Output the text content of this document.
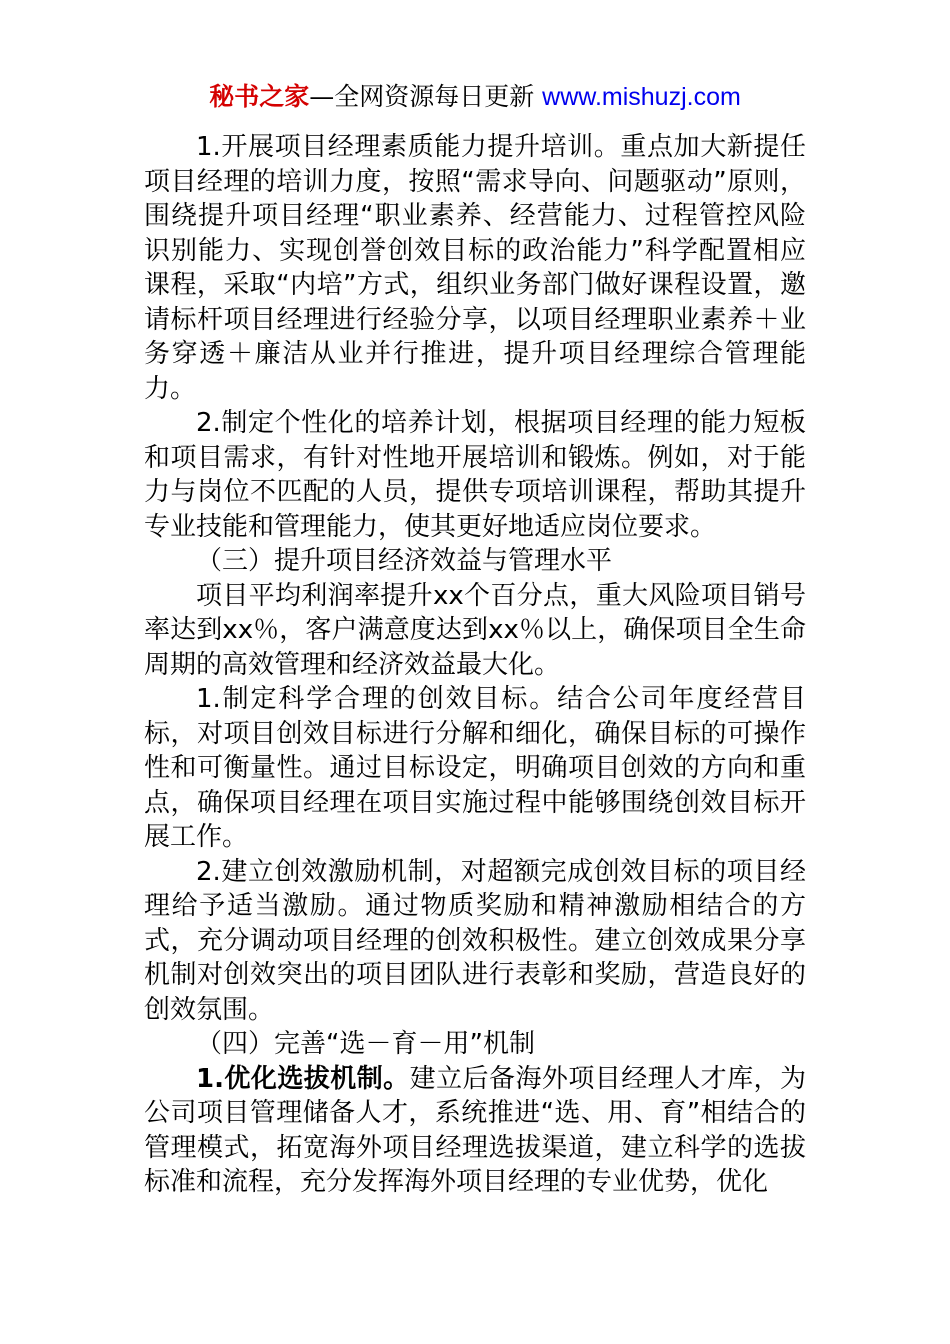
秘书之家—全网资源每日更新 www.mishuzj.com

1.开展项目经理素质能力提升培训。重点加大新提任项目经理的培训力度，按照“需求导向、问题驱动”原则，围绕提升项目经理“职业素养、经营能力、过程管控风险识别能力、实现创誉创效目标的政治能力”科学配置相应课程，采取“内培”方式，组织业务部门做好课程设置，邀请标杆项目经理进行经验分享，以项目经理职业素养＋业务穿透＋廉洁从业并行推进，提升项目经理综合管理能力。

2.制定个性化的培养计划，根据项目经理的能力短板和项目需求，有针对性地开展培训和锻炼。例如，对于能力与岗位不匹配的人员，提供专项培训课程，帮助其提升专业技能和管理能力，使其更好地适应岗位要求。

（三）提升项目经济效益与管理水平

项目平均利润率提升xx个百分点，重大风险项目销号率达到xx％，客户满意度达到xx％以上，确保项目全生命周期的高效管理和经济效益最大化。

1.制定科学合理的创效目标。结合公司年度经营目标，对项目创效目标进行分解和细化，确保目标的可操作性和可衡量性。通过目标设定，明确项目创效的方向和重点，确保项目经理在项目实施过程中能够围绕创效目标开展工作。

2.建立创效激励机制，对超额完成创效目标的项目经理给予适当激励。通过物质奖励和精神激励相结合的方式，充分调动项目经理的创效积极性。建立创效成果分享机制对创效突出的项目团队进行表彰和奖励，营造良好的创效氛围。

（四）完善“选－育－用”机制

1.优化选拔机制。建立后备海外项目经理人才库，为公司项目管理储备人才，系统推进“选、用、育”相结合的管理模式，拓宽海外项目经理选拔渠道，建立科学的选拔标准和流程，充分发挥海外项目经理的专业优势，优化
